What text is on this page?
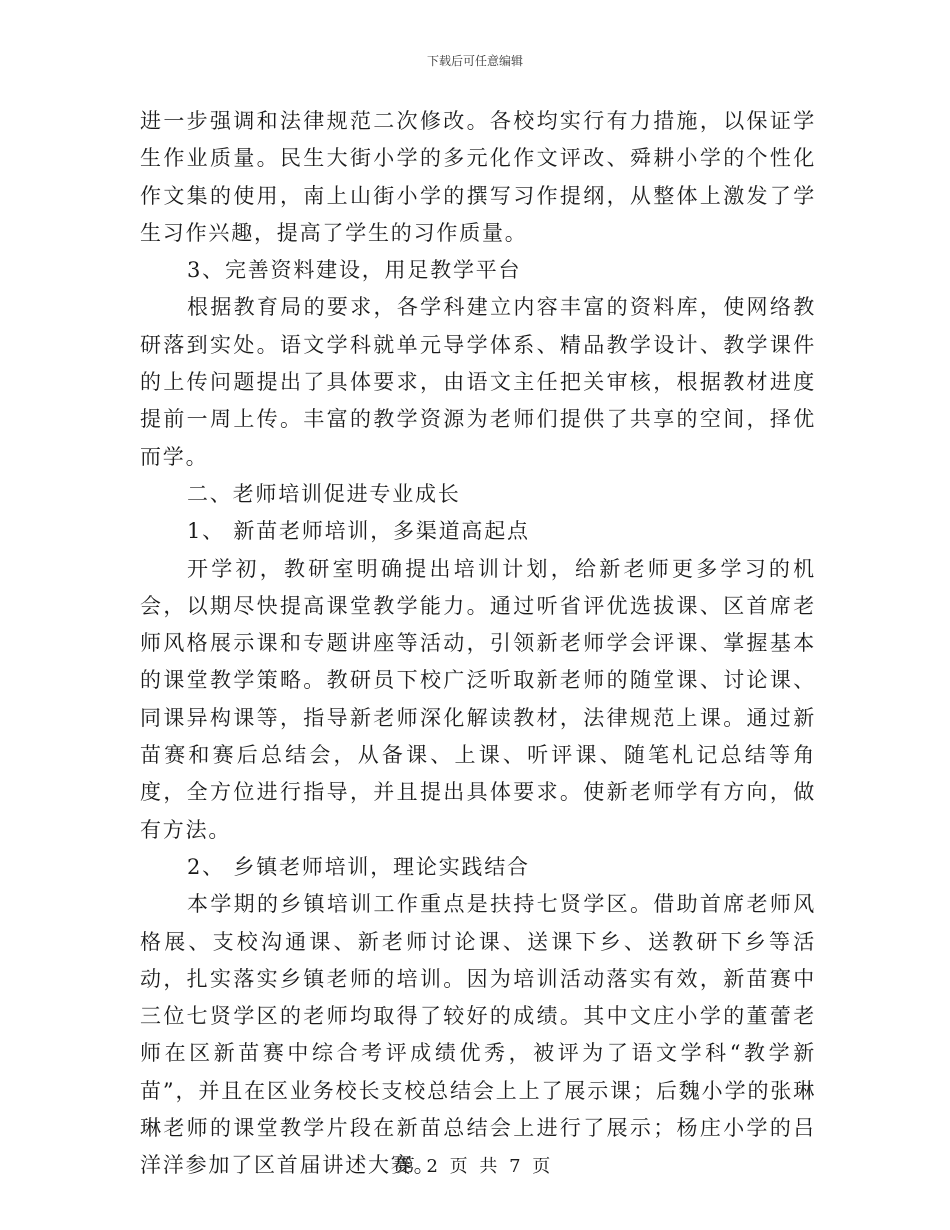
下载后可任意编辑

进一步强调和法律规范二次修改。各校均实行有力措施，以保证学生作业质量。民生大街小学的多元化作文评改、舜耕小学的个性化作文集的使用，南上山街小学的撰写习作提纲，从整体上激发了学生习作兴趣，提高了学生的习作质量。

3、完善资料建设，用足教学平台

根据教育局的要求，各学科建立内容丰富的资料库，使网络教研落到实处。语文学科就单元导学体系、精品教学设计、教学课件的上传问题提出了具体要求，由语文主任把关审核，根据教材进度提前一周上传。丰富的教学资源为老师们提供了共享的空间，择优而学。

二、老师培训促进专业成长

1、 新苗老师培训，多渠道高起点

开学初，教研室明确提出培训计划，给新老师更多学习的机会，以期尽快提高课堂教学能力。通过听省评优选拔课、区首席老师风格展示课和专题讲座等活动，引领新老师学会评课、掌握基本的课堂教学策略。教研员下校广泛听取新老师的随堂课、讨论课、同课异构课等，指导新老师深化解读教材，法律规范上课。通过新苗赛和赛后总结会，从备课、上课、听评课、随笔札记总结等角度，全方位进行指导，并且提出具体要求。使新老师学有方向，做有方法。

2、 乡镇老师培训，理论实践结合

本学期的乡镇培训工作重点是扶持七贤学区。借助首席老师风格展、支校沟通课、新老师讨论课、送课下乡、送教研下乡等活动，扎实落实乡镇老师的培训。因为培训活动落实有效，新苗赛中三位七贤学区的老师均取得了较好的成绩。其中文庄小学的董蕾老师在区新苗赛中综合考评成绩优秀，被评为了语文学科“教学新苗”，并且在区业务校长支校总结会上上了展示课；后魏小学的张琳琳老师的课堂教学片段在新苗总结会上进行了展示；杨庄小学的吕洋洋参加了区首届讲述大赛。

第 2 页 共 7 页
